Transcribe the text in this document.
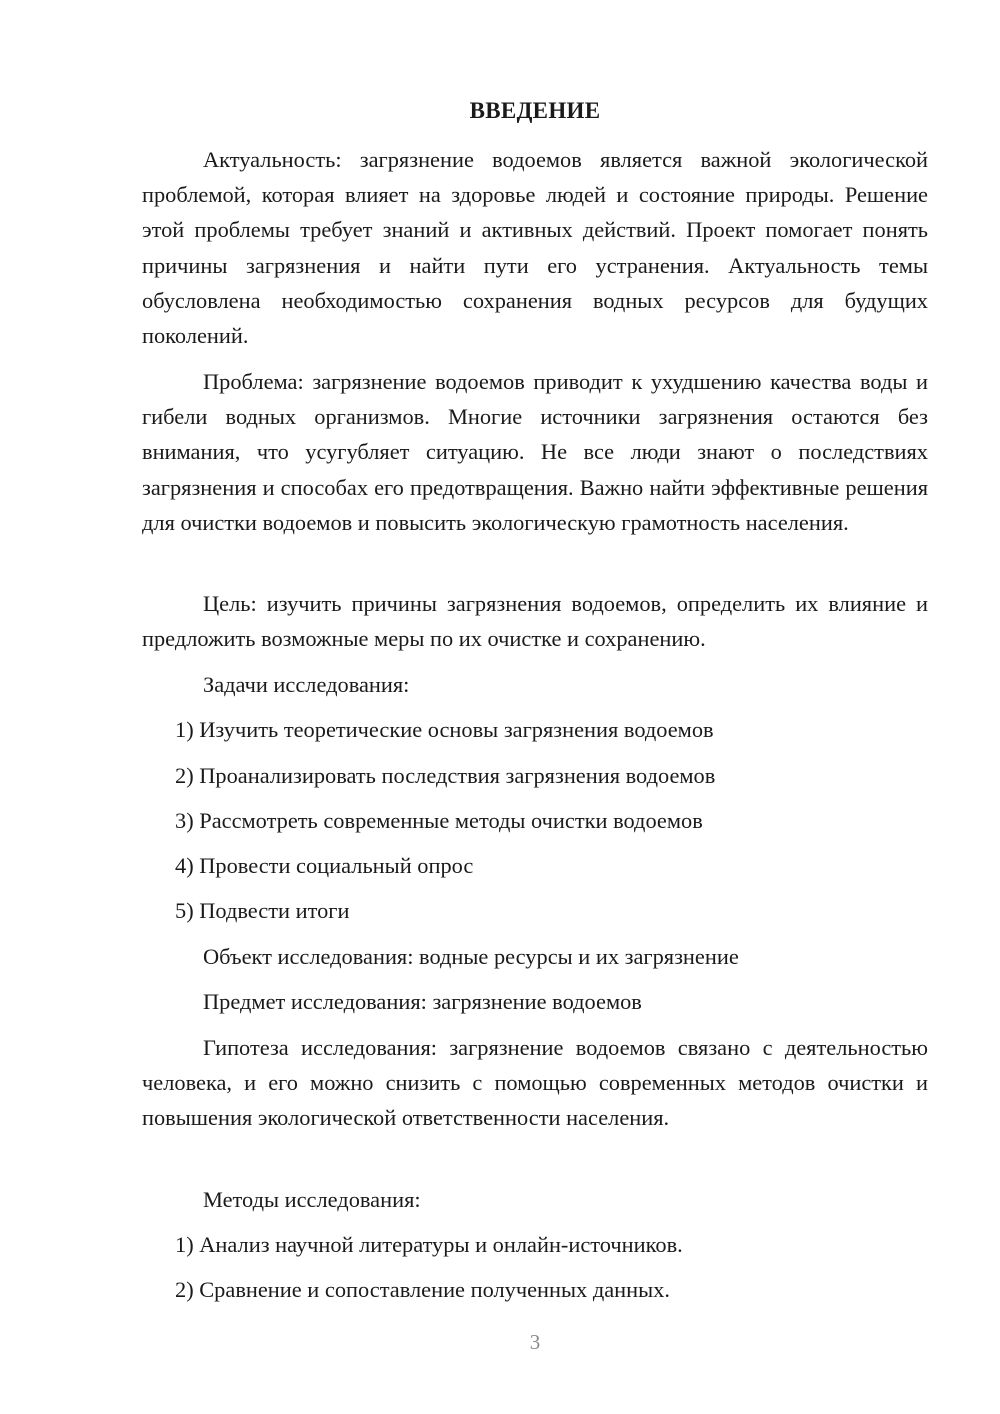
ВВЕДЕНИЕ

Актуальность: загрязнение водоемов является важной экологической проблемой, которая влияет на здоровье людей и состояние природы. Решение этой проблемы требует знаний и активных действий. Проект помогает понять причины загрязнения и найти пути его устранения. Актуальность темы обусловлена необходимостью сохранения водных ресурсов для будущих поколений.

Проблема: загрязнение водоемов приводит к ухудшению качества воды и гибели водных организмов. Многие источники загрязнения остаются без внимания, что усугубляет ситуацию. Не все люди знают о последствиях загрязнения и способах его предотвращения. Важно найти эффективные решения для очистки водоемов и повысить экологическую грамотность населения.

Цель: изучить причины загрязнения водоемов, определить их влияние и предложить возможные меры по их очистке и сохранению.

Задачи исследования:

1) Изучить теоретические основы загрязнения водоемов

2) Проанализировать последствия загрязнения водоемов

3) Рассмотреть современные методы очистки водоемов

4) Провести социальный опрос

5) Подвести итоги

Объект исследования: водные ресурсы и их загрязнение

Предмет исследования: загрязнение водоемов

Гипотеза исследования: загрязнение водоемов связано с деятельностью человека, и его можно снизить с помощью современных методов очистки и повышения экологической ответственности населения.

Методы исследования:

1) Анализ научной литературы и онлайн-источников.

2) Сравнение и сопоставление полученных данных.

3
